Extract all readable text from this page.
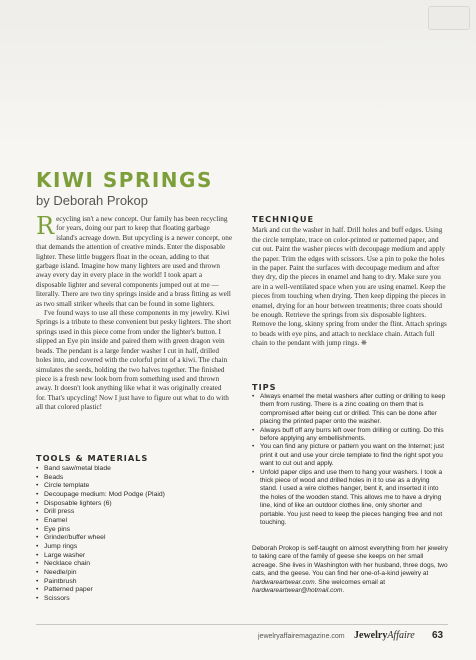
KIWI SPRINGS
by Deborah Prokop

Recycling isn't a new concept. Our family has been recycling for years, doing our part to keep that floating garbage island's acreage down. But upcycling is a newer concept, one that demands the attention of creative minds. Enter the disposable lighter. These little buggers float in the ocean, adding to that garbage island. Imagine how many lighters are used and thrown away every day in every place in the world! I took apart a disposable lighter and several components jumped out at me — literally. There are two tiny springs inside and a brass fitting as well as two small striker wheels that can be found in some lighters.

I've found ways to use all these components in my jewelry. Kiwi Springs is a tribute to these convenient but pesky lighters. The short springs used in this piece come from under the lighter's button. I slipped an Eye pin inside and paired them with green dragon vein beads. The pendant is a large fender washer I cut in half, drilled holes into, and covered with the colorful print of a kiwi. The chain simulates the seeds, holding the two halves together. The finished piece is a fresh new look born from something used and thrown away. It doesn't look anything like what it was originally created for. That's upcycling! Now I just have to figure out what to do with all that colored plastic!

TOOLS & MATERIALS
• Band saw/metal blade
• Beads
• Circle template
• Decoupage medium: Mod Podge (Plaid)
• Disposable lighters (6)
• Drill press
• Enamel
• Eye pins
• Grinder/buffer wheel
• Jump rings
• Large washer
• Necklace chain
• Needle/pin
• Paintbrush
• Patterned paper
• Scissors
TECHNIQUE

Mark and cut the washer in half. Drill holes and buff edges. Using the circle template, trace on color-printed or patterned paper, and cut out. Paint the washer pieces with decoupage medium and apply the paper. Trim the edges with scissors. Use a pin to poke the holes in the paper. Paint the surfaces with decoupage medium and after they dry, dip the pieces in enamel and hang to dry. Make sure you are in a well-ventilated space when you are using enamel. Keep the pieces from touching when drying. Then keep dipping the pieces in enamel, drying for an hour between treatments; three coats should be enough. Retrieve the springs from six disposable lighters. Remove the long, skinny spring from under the flint. Attach springs to beads with eye pins, and attach to necklace chain. Attach full chain to the pendant with jump rings. ❋

TIPS
• Always enamel the metal washers after cutting or drilling to keep them from rusting. There is a zinc coating on them that is compromised after being cut or drilled. This can be done after placing the printed paper onto the washer.
• Always buff off any burrs left over from drilling or cutting. Do this before applying any embellishments.
• You can find any picture or pattern you want on the Internet; just print it out and use your circle template to find the right spot you want to cut out and apply.
• Unfold paper clips and use them to hang your washers. I took a thick piece of wood and drilled holes in it to use as a drying stand. I used a wire clothes hanger, bent it, and inserted it into the holes of the wooden stand. This allows me to have a drying line, kind of like an outdoor clothes line, only shorter and portable. You just need to keep the pieces hanging free and not touching.

Deborah Prokop is self-taught on almost everything from her jewelry to taking care of the family of geese she keeps on her small acreage. She lives in Washington with her husband, three dogs, two cats, and the geese. You can find her one-of-a-kind jewelry at hardwareartwear.com. She welcomes email at hardwareartwear@hotmail.com.

jewelryaffairemagazine.com JewelryAffaire 63
